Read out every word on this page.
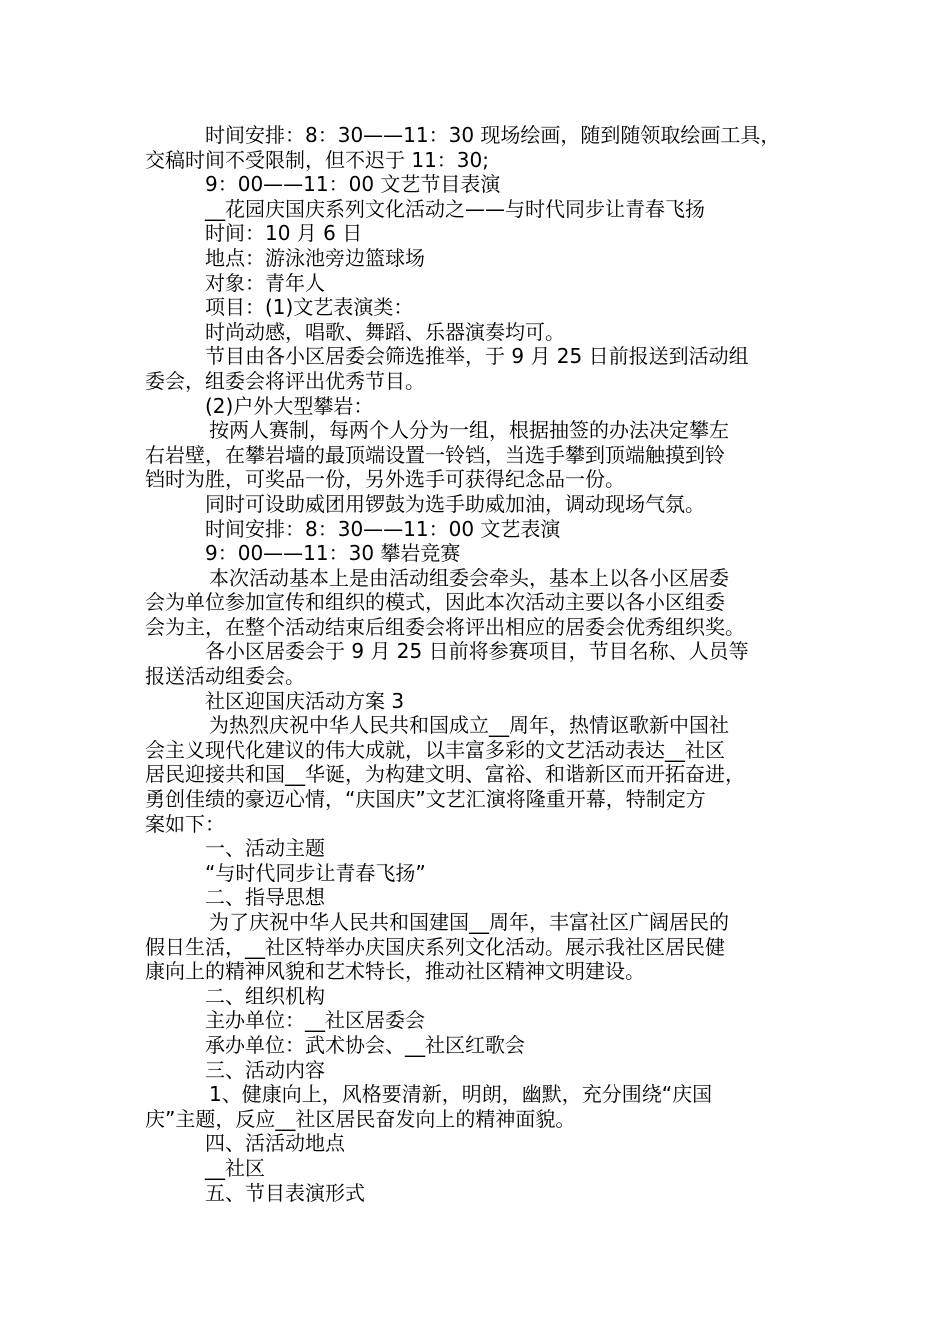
时间安排：8：30——11：30 现场绘画，随到随领取绘画工具，
交稿时间不受限制，但不迟于 11：30;
9：00——11：00 文艺节目表演
__花园庆国庆系列文化活动之——与时代同步让青春飞扬
时间：10 月 6 日
地点：游泳池旁边篮球场
对象：青年人
项目：(1)文艺表演类：
时尚动感，唱歌、舞蹈、乐器演奏均可。
节目由各小区居委会筛选推举，于 9 月 25 日前报送到活动组
委会，组委会将评出优秀节目。
(2)户外大型攀岩：
按两人赛制，每两个人分为一组，根据抽签的办法决定攀左
右岩壁，在攀岩墙的最顶端设置一铃铛，当选手攀到顶端触摸到铃
铛时为胜，可奖品一份，另外选手可获得纪念品一份。
同时可设助威团用锣鼓为选手助威加油，调动现场气氛。
时间安排：8：30——11：00 文艺表演
9：00——11：30 攀岩竞赛
本次活动基本上是由活动组委会牵头，基本上以各小区居委
会为单位参加宣传和组织的模式，因此本次活动主要以各小区组委
会为主，在整个活动结束后组委会将评出相应的居委会优秀组织奖。
各小区居委会于 9 月 25 日前将参赛项目，节目名称、人员等
报送活动组委会。
社区迎国庆活动方案 3
为热烈庆祝中华人民共和国成立__周年，热情讴歌新中国社
会主义现代化建议的伟大成就，以丰富多彩的文艺活动表达__社区
居民迎接共和国__华诞，为构建文明、富裕、和谐新区而开拓奋进，
勇创佳绩的豪迈心情，“庆国庆”文艺汇演将隆重开幕，特制定方
案如下：
一、活动主题
“与时代同步让青春飞扬”
二、指导思想
为了庆祝中华人民共和国建国__周年，丰富社区广阔居民的
假日生活，__社区特举办庆国庆系列文化活动。展示我社区居民健
康向上的精神风貌和艺术特长，推动社区精神文明建设。
二、组织机构
主办单位：__社区居委会
承办单位：武术协会、__社区红歌会
三、活动内容
1、健康向上，风格要清新，明朗，幽默，充分围绕“庆国
庆”主题，反应__社区居民奋发向上的精神面貌。
四、活活动地点
__社区
五、节目表演形式
